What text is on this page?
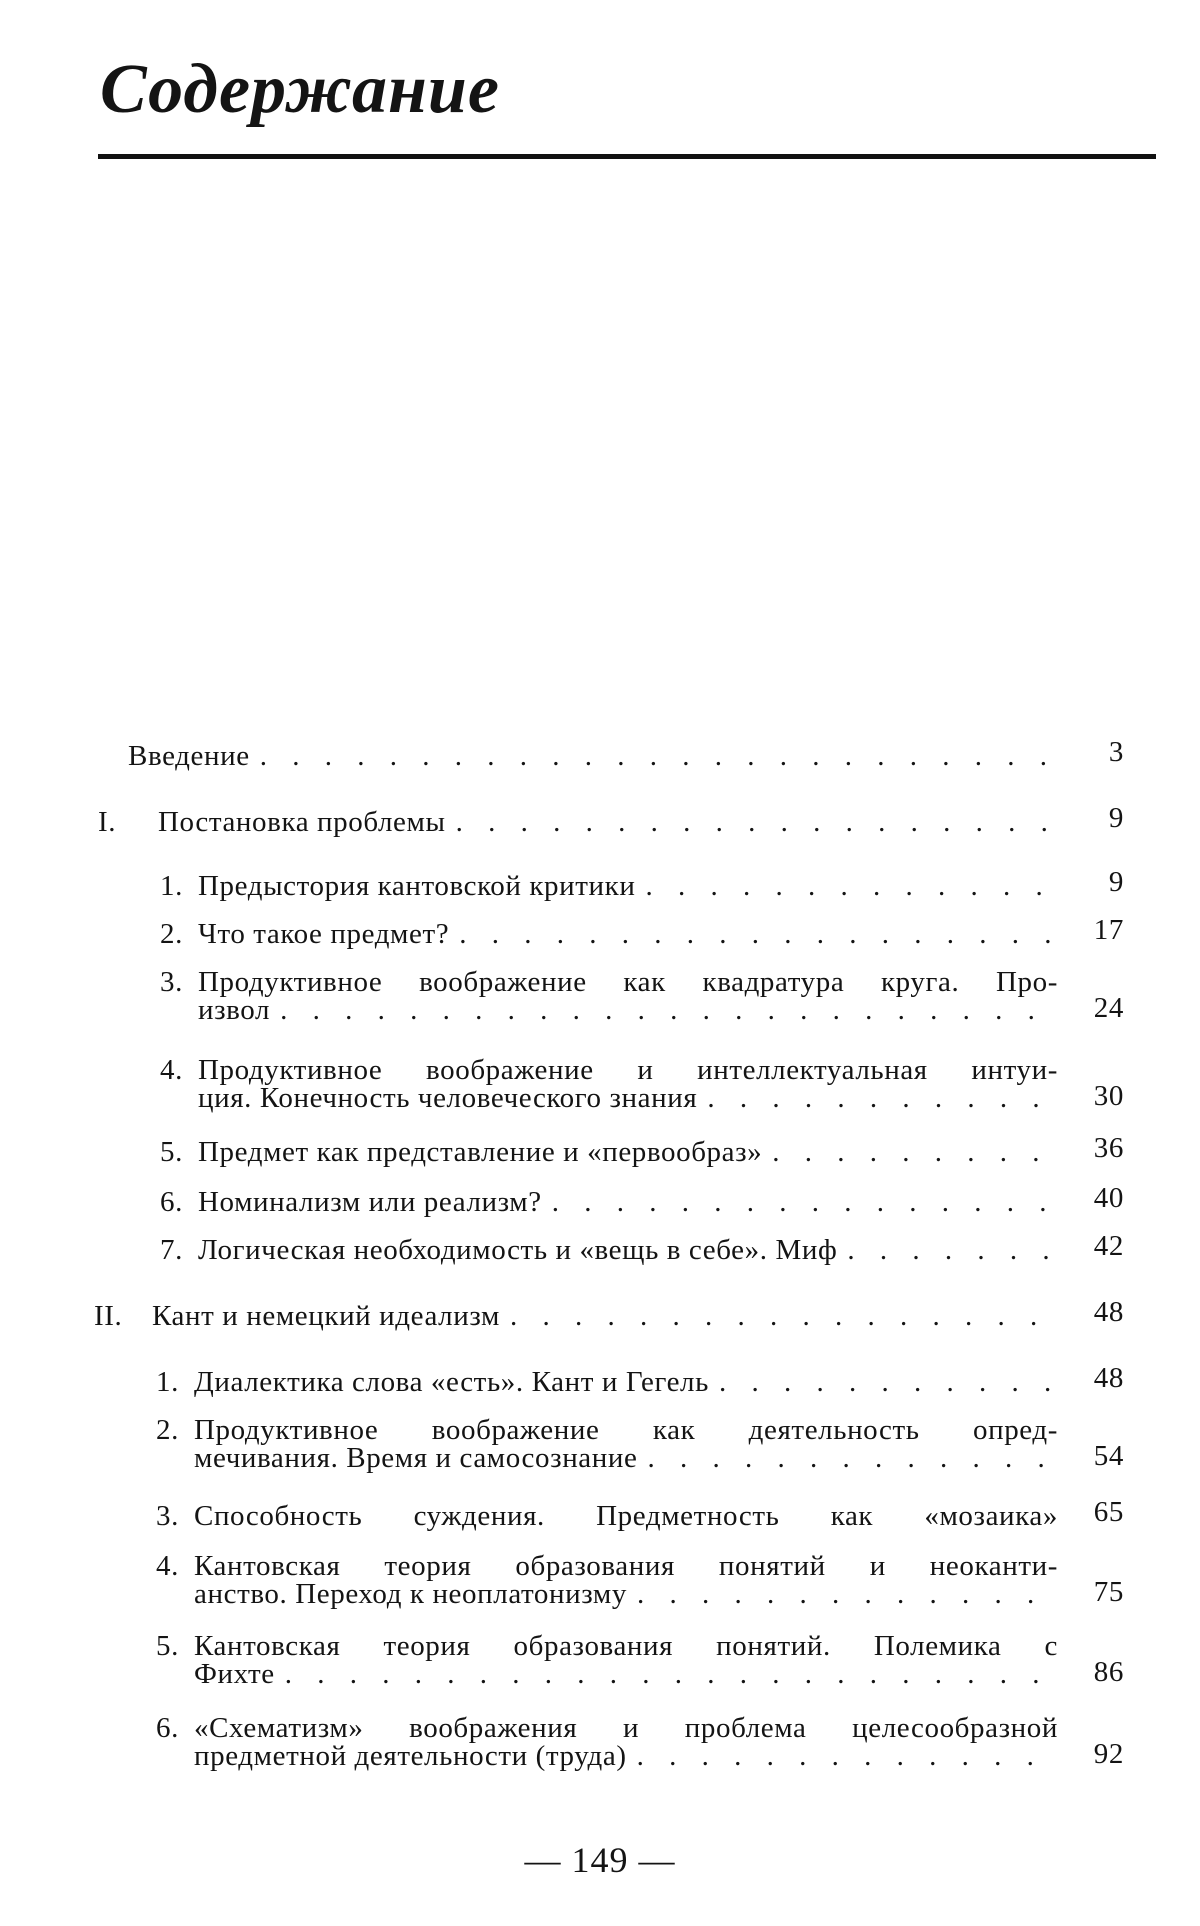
Содержание
Введение . . .	3
I. Постановка проблемы . . .	9
1. Предыстория кантовской критики . . .	9
2. Что такое предмет? . . .	17
3. Продуктивное воображение как квадратура круга. Про-
извол . . .	24
4. Продуктивное воображение и интеллектуальная интуи-
ция. Конечность человеческого знания . . .	30
5. Предмет как представление и «первообраз» . . .	36
6. Номинализм или реализм? . . .	40
7. Логическая необходимость и «вещь в себе». Миф . . .	42
II. Кант и немецкий идеализм . . .	48
1. Диалектика слова «есть». Кант и Гегель . . .	48
2. Продуктивное воображение как деятельность опред-
мечивания. Время и самосознание . . .	54
3. Способность суждения. Предметность как «мозаика»	65
4. Кантовская теория образования понятий и неоканти-
анство. Переход к неоплатонизму . . .	75
5. Кантовская теория образования понятий. Полемика с
Фихте . . .	86
6. «Схематизм» воображения и проблема целесообразной
предметной деятельности (труда) . . .	92
— 149 —
